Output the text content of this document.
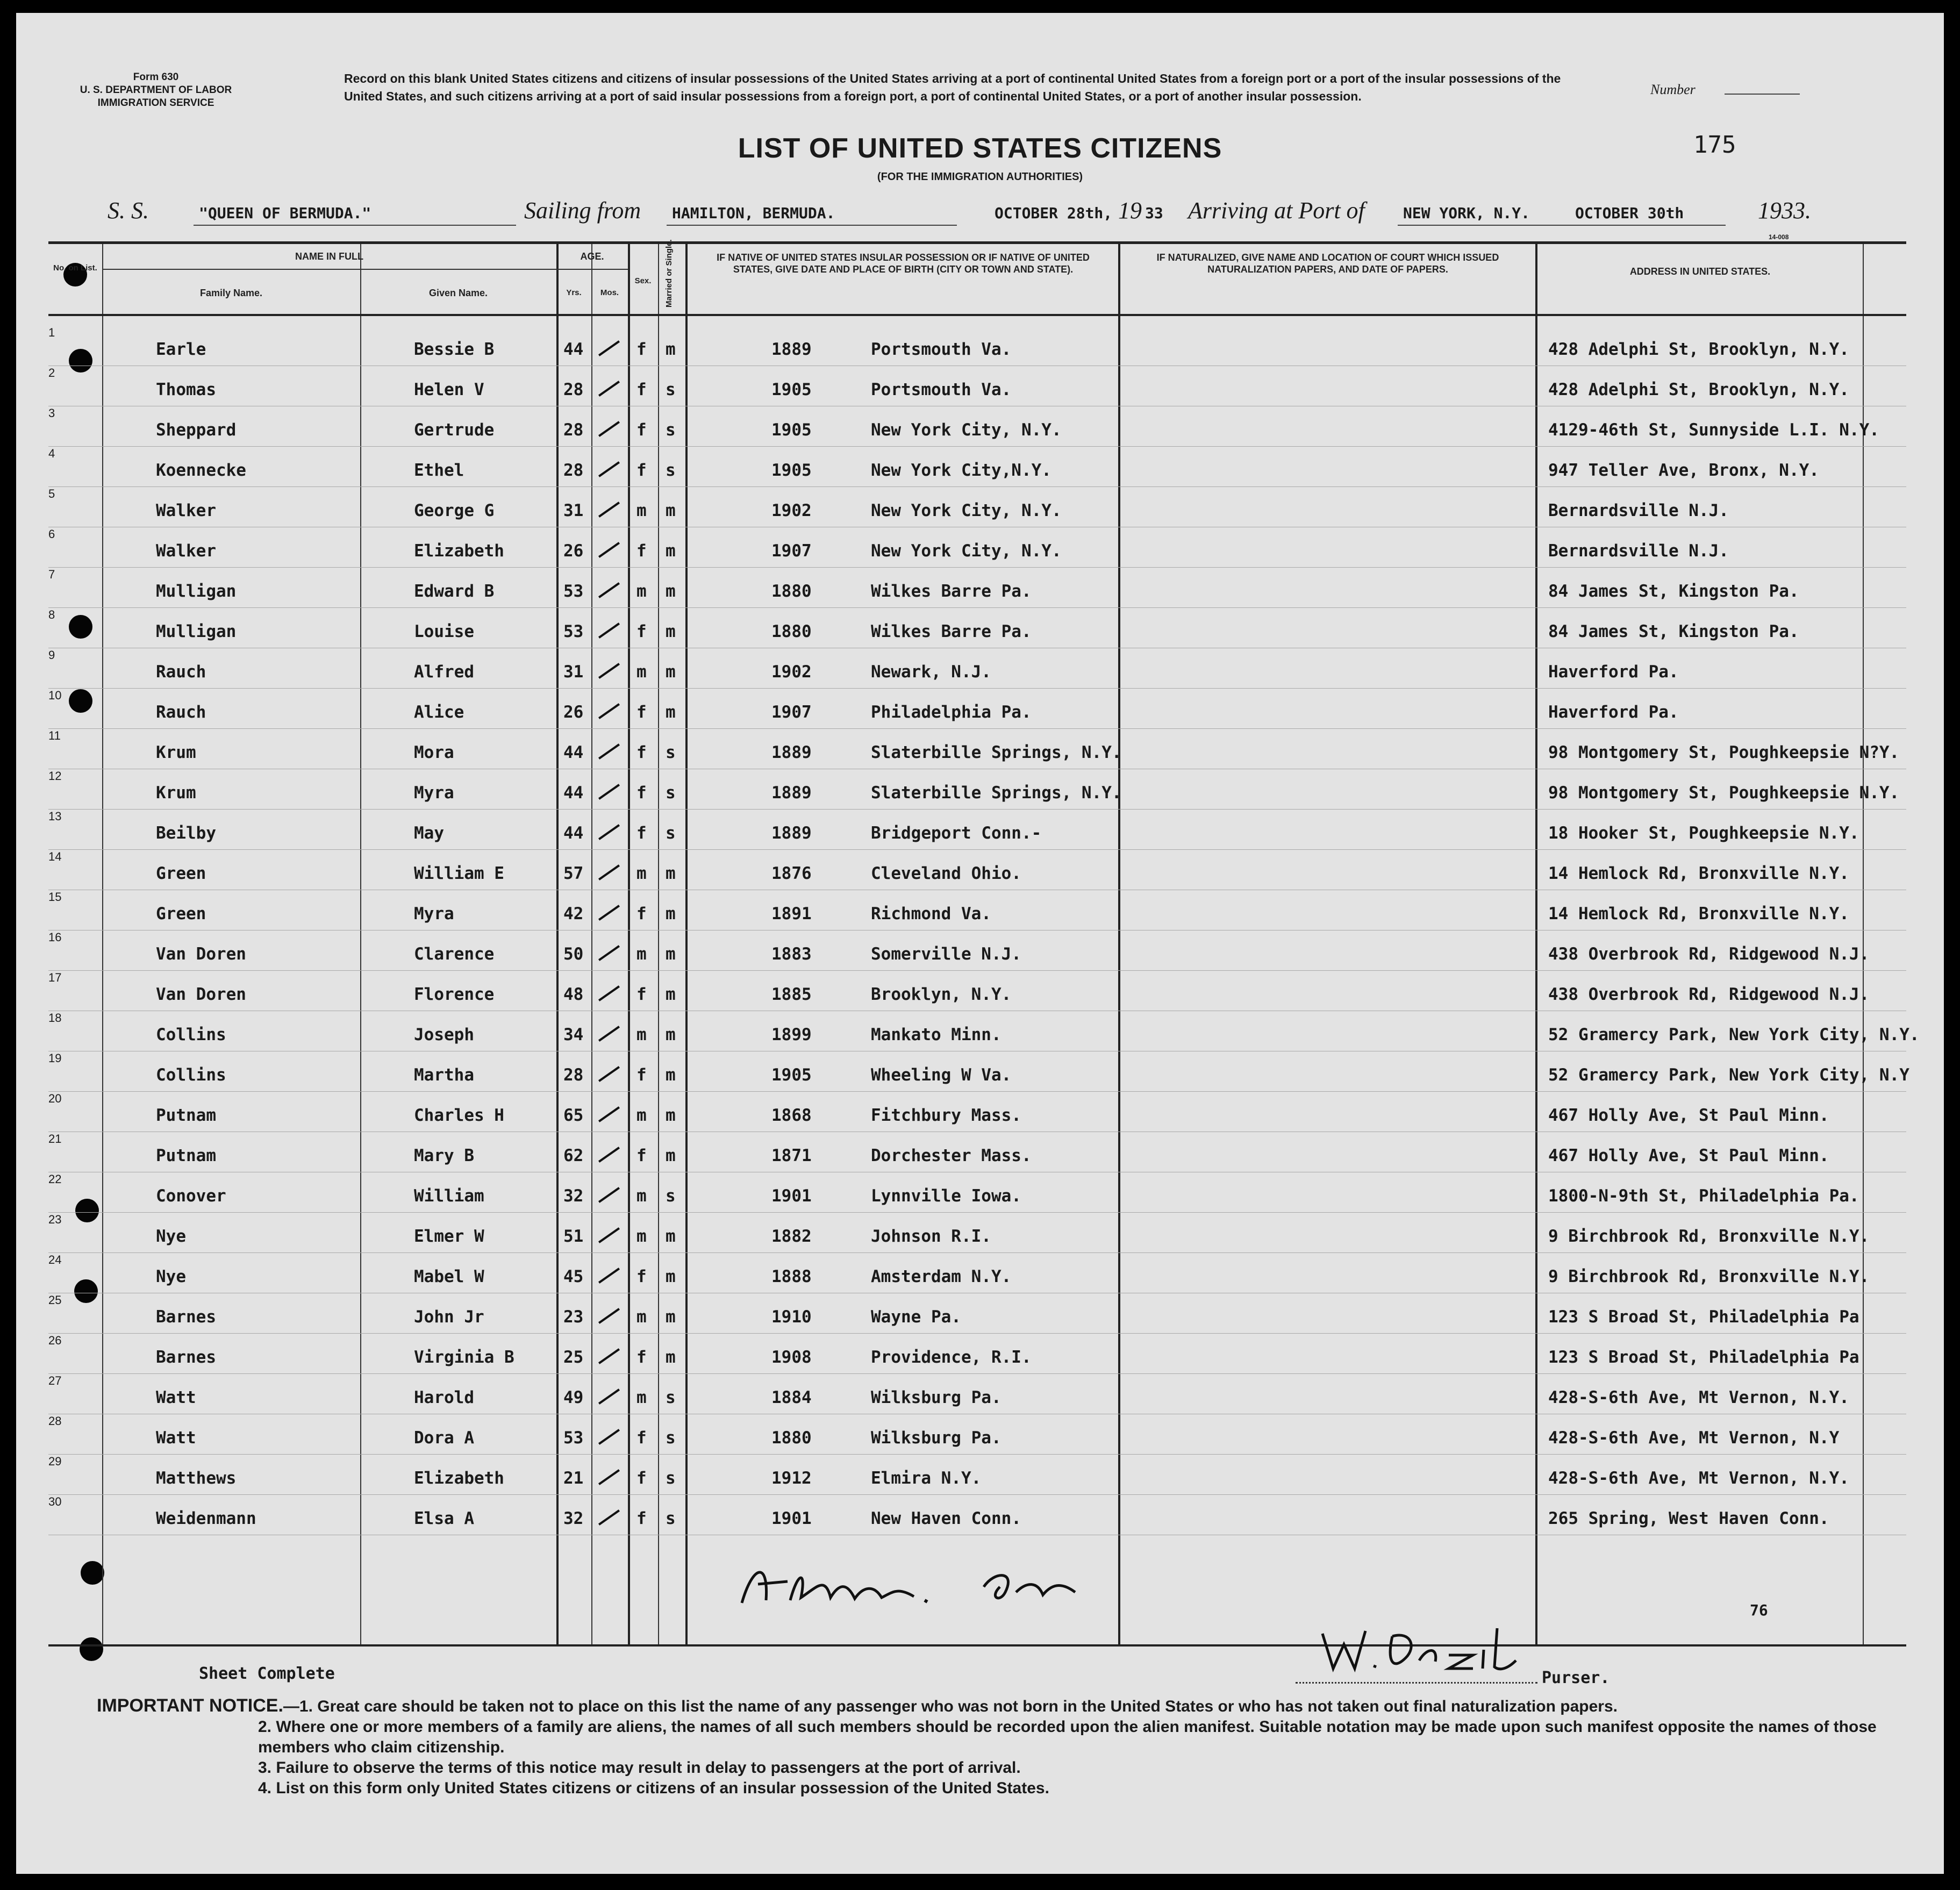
Form 630
U. S. DEPARTMENT OF LABOR
IMMIGRATION SERVICE
Record on this blank United States citizens and citizens of insular possessions of the United States arriving at a port of continental United States from a foreign port or a port of the insular possessions of the United States, and such citizens arriving at a port of said insular possessions from a foreign port, a port of continental United States, or a port of another insular possession.	Number
175
LIST OF UNITED STATES CITIZENS
(FOR THE IMMIGRATION AUTHORITIES)
S. S.	"QUEEN OF BERMUDA."	Sailing from HAMILTON, BERMUDA.	OCTOBER 28th, 19 33 Arriving at Port of	NEW YORK, N.Y.	OCTOBER 30th	1933.
14-008
No. on List.
NAME IN FULL
Family Name.	Given Name.
AGE.
Yrs.	Mos.
Sex.	Married or Single.	IF NATIVE OF UNITED STATES INSULAR POSSESSION OR IF NATIVE OF UNITED STATES, GIVE DATE AND PLACE OF BIRTH (CITY OR TOWN AND STATE).
IF NATURALIZED, GIVE NAME AND LOCATION OF COURT WHICH ISSUED NATURALIZATION PAPERS, AND DATE OF PAPERS.	ADDRESS IN UNITED STATES.
1
Earle	Bessie B	44	f m	1889	Portsmouth Va.	428 Adelphi St, Brooklyn, N.Y.
2
Thomas	Helen V	28	f s	1905	Portsmouth Va.	428 Adelphi St, Brooklyn, N.Y.
3
Sheppard	Gertrude	28	f s	1905	New York City, N.Y.	4129-46th St, Sunnyside L.I. N.Y.
4
Koennecke	Ethel	28	f s	1905	New York City,N.Y.	947 Teller Ave, Bronx, N.Y.
5
Walker	George G	31	m m	1902	New York City, N.Y.	Bernardsville N.J.
6
Walker	Elizabeth	26	f m	1907	New York City, N.Y.	Bernardsville N.J.
7
Mulligan	Edward B	53	m m	1880	Wilkes Barre Pa.	84 James St, Kingston Pa.
8
Mulligan	Louise	53	f m	1880	Wilkes Barre Pa.	84 James St, Kingston Pa.
9
Rauch	Alfred	31	m m	1902	Newark, N.J.	Haverford Pa.
10
Rauch	Alice	26	f m	1907	Philadelphia Pa.	Haverford Pa.
11
Krum	Mora	44	f s	1889	Slaterbille Springs, N.Y.	98 Montgomery St, Poughkeepsie N?Y.
12
Krum	Myra	44	f s	1889	Slaterbille Springs, N.Y.	98 Montgomery St, Poughkeepsie N.Y.
13
Beilby	May	44	f s	1889	Bridgeport Conn.-	18 Hooker St, Poughkeepsie N.Y.
14
Green	William E	57	m m	1876	Cleveland Ohio.	14 Hemlock Rd, Bronxville N.Y.
15
Green	Myra	42	f m	1891	Richmond Va.	14 Hemlock Rd, Bronxville N.Y.
16
Van Doren	Clarence	50	m m	1883	Somerville N.J.	438 Overbrook Rd, Ridgewood N.J.
17
Van Doren	Florence	48	f m	1885	Brooklyn, N.Y.	438 Overbrook Rd, Ridgewood N.J.
18
Collins	Joseph	34	m m	1899	Mankato Minn.	52 Gramercy Park, New York City, N.Y.
19
Collins	Martha	28	f m	1905	Wheeling W Va.	52 Gramercy Park, New York City, N.Y
20
Putnam	Charles H	65	m m	1868	Fitchbury Mass.	467 Holly Ave, St Paul Minn.
21
Putnam	Mary B	62	f m	1871	Dorchester Mass.	467 Holly Ave, St Paul Minn.
22
Conover	William	32	m s	1901	Lynnville Iowa.	1800-N-9th St, Philadelphia Pa.
23
Nye	Elmer W	51	m m	1882	Johnson R.I.	9 Birchbrook Rd, Bronxville N.Y.
24
Nye	Mabel W	45	f m	1888	Amsterdam N.Y.	9 Birchbrook Rd, Bronxville N.Y.
25
Barnes	John Jr	23	m m	1910	Wayne Pa.	123 S Broad St, Philadelphia Pa
26
Barnes	Virginia B	25	f m	1908	Providence, R.I.	123 S Broad St, Philadelphia Pa
27
Watt	Harold	49	m s	1884	Wilksburg Pa.	428-S-6th Ave, Mt Vernon, N.Y.
28
Watt	Dora A	53	f s	1880	Wilksburg Pa.	428-S-6th Ave, Mt Vernon, N.Y
29
Matthews	Elizabeth	21	f s	1912	Elmira N.Y.	428-S-6th Ave, Mt Vernon, N.Y.
30
Weidenmann	Elsa A	32	f s	1901	New Haven Conn.	265 Spring, West Haven Conn.
Sheet Complete	Purser.
76
IMPORTANT NOTICE.—1. Great care should be taken not to place on this list the name of any passenger who was not born in the United States or who has not taken out final naturalization papers.
2. Where one or more members of a family are aliens, the names of all such members should be recorded upon the alien manifest. Suitable notation may be made upon such manifest opposite the names of those members who claim citizenship.
3. Failure to observe the terms of this notice may result in delay to passengers at the port of arrival.
4. List on this form only United States citizens or citizens of an insular possession of the United States.
